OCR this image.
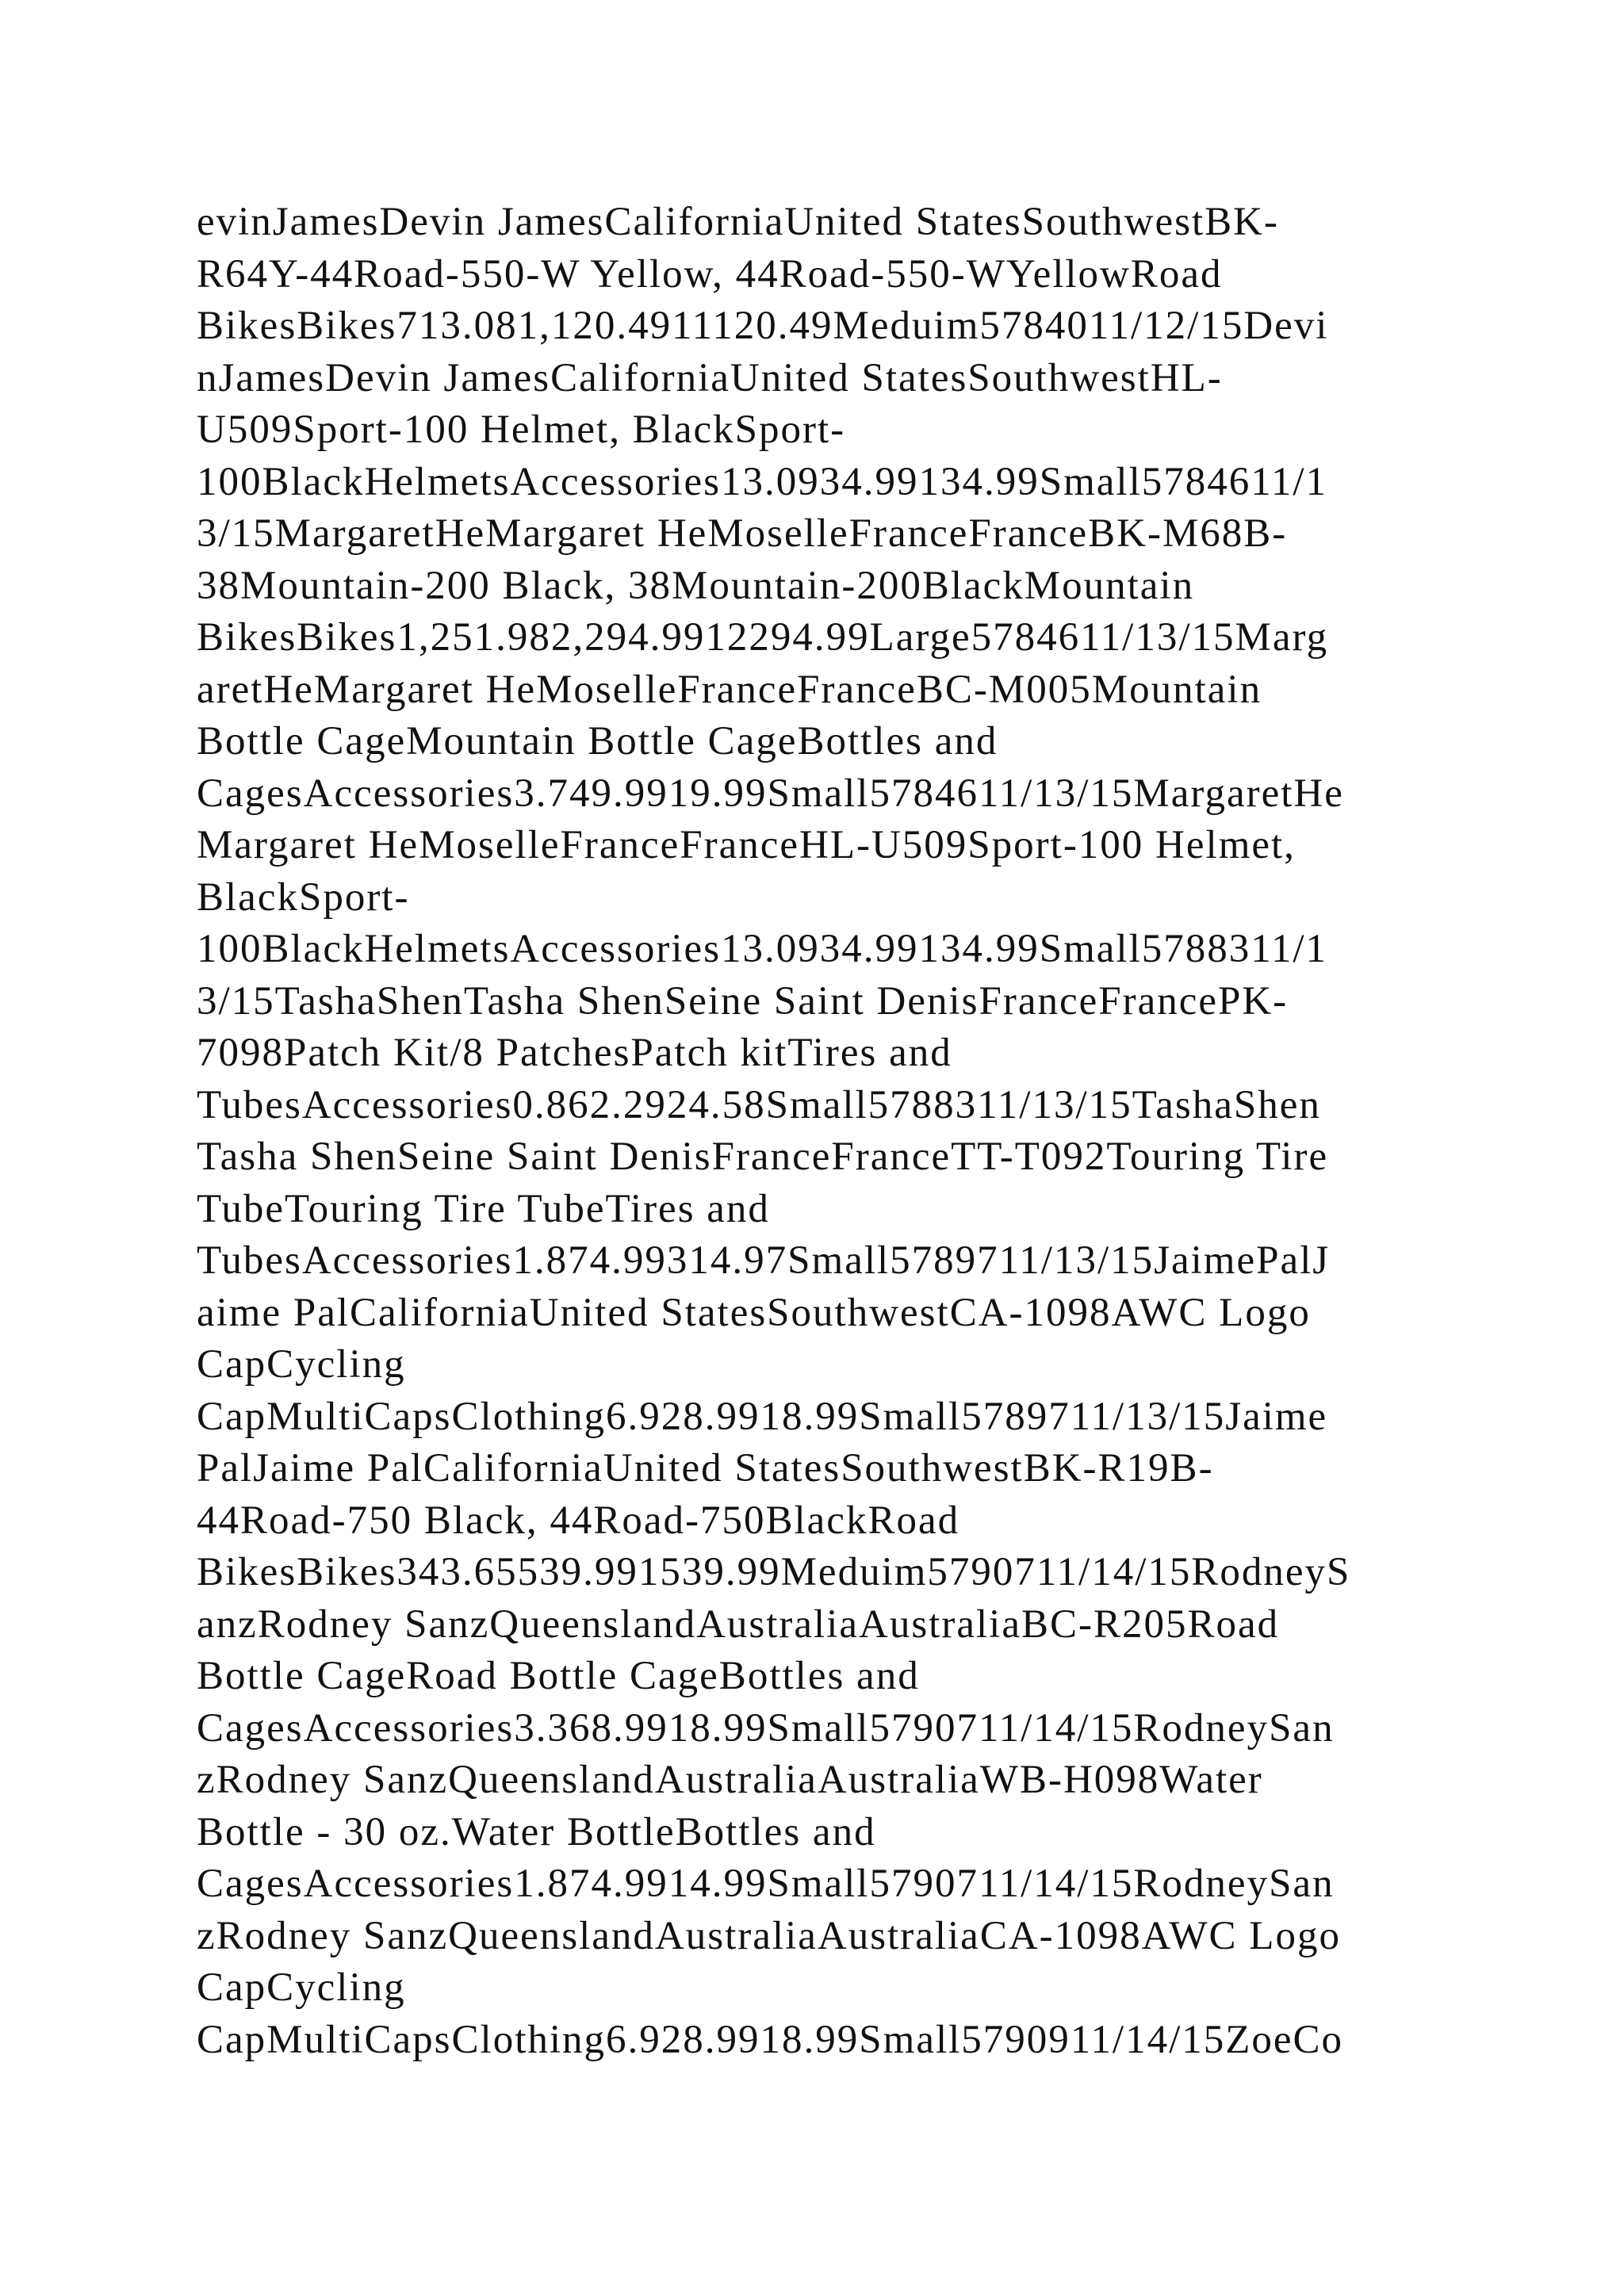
evinJamesDevin JamesCaliforniaUnited StatesSouthwestBK-
R64Y-44Road-550-W Yellow, 44Road-550-WYellowRoad
BikesBikes713.081,120.4911120.49Meduim5784011/12/15Devi
nJamesDevin JamesCaliforniaUnited StatesSouthwestHL-
U509Sport-100 Helmet, BlackSport-
100BlackHelmetsAccessories13.0934.99134.99Small5784611/1
3/15MargaretHeMargaret HeMoselleFranceFranceBK-M68B-
38Mountain-200 Black, 38Mountain-200BlackMountain
BikesBikes1,251.982,294.9912294.99Large5784611/13/15Marg
aretHeMargaret HeMoselleFranceFranceBC-M005Mountain
Bottle CageMountain Bottle CageBottles and
CagesAccessories3.749.9919.99Small5784611/13/15MargaretHe
Margaret HeMoselleFranceFranceHL-U509Sport-100 Helmet,
BlackSport-
100BlackHelmetsAccessories13.0934.99134.99Small5788311/1
3/15TashaShenTasha ShenSeine Saint DenisFranceFrancePK-
7098Patch Kit/8 PatchesPatch kitTires and
TubesAccessories0.862.2924.58Small5788311/13/15TashaShen
Tasha ShenSeine Saint DenisFranceFranceTT-T092Touring Tire
TubeTouring Tire TubeTires and
TubesAccessories1.874.99314.97Small5789711/13/15JaimePalJ
aime PalCaliforniaUnited StatesSouthwestCA-1098AWC Logo
CapCycling
CapMultiCapsClothing6.928.9918.99Small5789711/13/15Jaime
PalJaime PalCaliforniaUnited StatesSouthwestBK-R19B-
44Road-750 Black, 44Road-750BlackRoad
BikesBikes343.65539.991539.99Meduim5790711/14/15RodneyS
anzRodney SanzQueenslandAustraliaAustraliaBC-R205Road
Bottle CageRoad Bottle CageBottles and
CagesAccessories3.368.9918.99Small5790711/14/15RodneySan
zRodney SanzQueenslandAustraliaAustraliaWB-H098Water
Bottle - 30 oz.Water BottleBottles and
CagesAccessories1.874.9914.99Small5790711/14/15RodneySan
zRodney SanzQueenslandAustraliaAustraliaCA-1098AWC Logo
CapCycling
CapMultiCapsClothing6.928.9918.99Small5790911/14/15ZoeCo
